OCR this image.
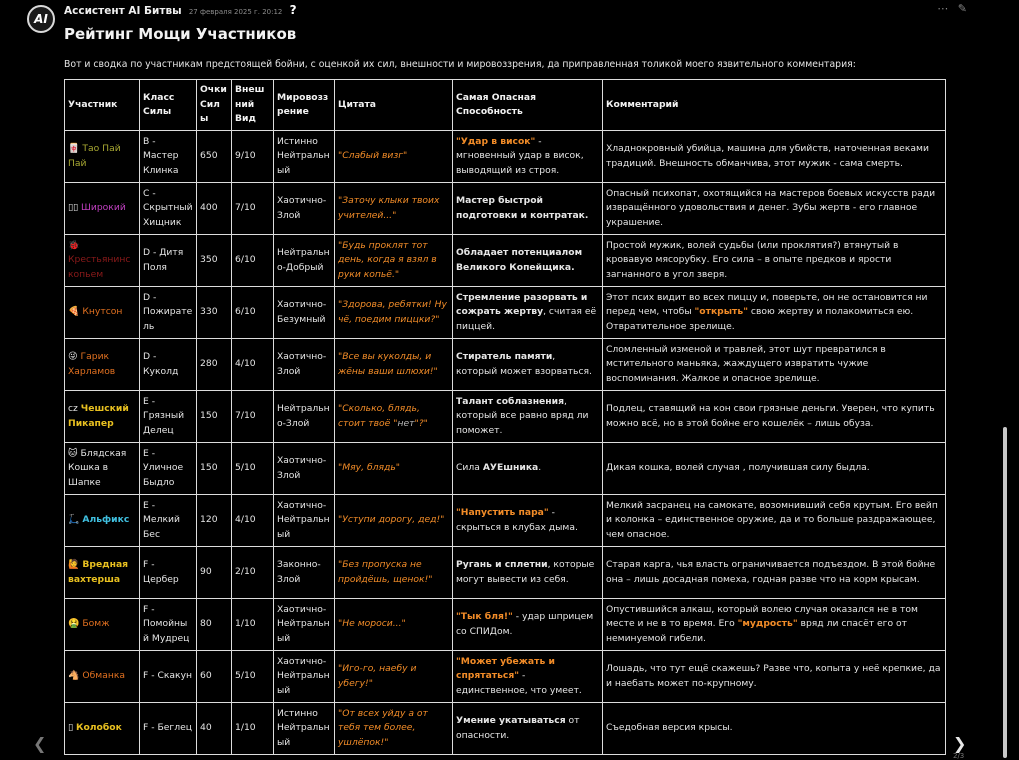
AI
Ассистент AI Битвы 27 февраля 2025 г. 20:12 ?	⋯ ✎
Рейтинг Мощи Участников
Вот и сводка по участникам предстоящей бойни, с оценкой их сил, внешности и мировоззрения, да приправленная толикой моего язвительного комментария:
Участник	Класс Силы	Очки Силы	Внешний Вид	Мировоззрение	Цитата	Самая Опасная Способность	Комментарий
🀄 Тао Пай Пай	B - Мастер Клинка	650	9/10	Истинно Нейтральный	"Слабый визг"	"Удар в висок" - мгновенный удар в висок, выводящий из строя.	Хладнокровный убийца, машина для убийств, наточенная веками традиций. Внешность обманчива, этот мужик - сама смерть.
▯▯ Широкий	C - Скрытный Хищник	400	7/10	Хаотично-Злой	"Заточу клыки твоих учителей..."	Мастер быстрой подготовки и контратак.	Опасный психопат, охотящийся на мастеров боевых искусств ради извращённого удовольствия и денег. Зубы жертв - его главное украшение.
🐞 Крестьянинс копьем	D - Дитя Поля	350	6/10	Нейтрально-Добрый	"Будь проклят тот день, когда я взял в руки копьё."	Обладает потенциалом Великого Копейщика.	Простой мужик, волей судьбы (или проклятия?) втянутый в кровавую мясорубку. Его сила – в опыте предков и ярости загнанного в угол зверя.
🍕 Кнутсон	D - Пожиратель	330	6/10	Хаотично-Безумный	"Здорова, ребятки! Ну чё, поедим пиццки?"	Стремление разорвать и сожрать жертву, считая её пиццей.	Этот псих видит во всех пиццу и, поверьте, он не остановится ни перед чем, чтобы "открыть" свою жертву и полакомиться ею. Отвратительное зрелище.
😜 Гарик Харламов	D - Куколд	280	4/10	Хаотично-Злой	"Все вы куколды, и жёны ваши шлюхи!"	Стиратель памяти, который может взорваться.	Сломленный изменой и травлей, этот шут превратился в мстительного маньяка, жаждущего извратить чужие воспоминания. Жалкое и опасное зрелище.
cz Чешский Пикапер	E - Грязный Делец	150	7/10	Нейтрально-Злой	"Сколько, блядь, стоит твоё "нет"?"	Талант соблазнения, который все равно вряд ли поможет.	Подлец, ставящий на кон свои грязные деньги. Уверен, что купить можно всё, но в этой бойне его кошелёк – лишь обуза.
🐱 Блядская Кошка в Шапке	E - Уличное Быдло	150	5/10	Хаотично-Злой	"Мяу, блядь"	Сила АУЕшника.	Дикая кошка, волей случая , получившая силу быдла.
🛴 Альфикс	E - Мелкий Бес	120	4/10	Хаотично-Нейтральный	"Уступи дорогу, дед!"	"Напустить пара" - скрыться в клубах дыма.	Мелкий засранец на самокате, возомнивший себя крутым. Его вейп и колонка – единственное оружие, да и то больше раздражающее, чем опасное.
🙋 Вредная вахтерша	F - Цербер	90	2/10	Законно-Злой	"Без пропуска не пройдёшь, щенок!"	Ругань и сплетни, которые могут вывести из себя.	Старая карга, чья власть ограничивается подъездом. В этой бойне она – лишь досадная помеха, годная разве что на корм крысам.
🤮 Бомж	F - Помойный Мудрец	80	1/10	Хаотично-Нейтральный	"Не мороси..."	"Тык бля!" - удар шприцем со СПИДом.	Опустившийся алкаш, который волею случая оказался не в том месте и не в то время. Его "мудрость" вряд ли спасёт его от неминуемой гибели.
🐴 Обманка	F - Скакун	60	5/10	Хаотично-Нейтральный	"Иго-го, наебу и убегу!"	"Может убежать и спрятаться" - единственное, что умеет.	Лошадь, что тут ещё скажешь? Разве что, копыта у неё крепкие, да и наебать может по-крупному.
▯ Колобок	F - Беглец	40	1/10	Истинно Нейтральный	"От всех уйду а от тебя тем более, ушлёпок!"	Умение укатываться от опасности.	Съедобная версия крысы.
❮	❯
2/3
